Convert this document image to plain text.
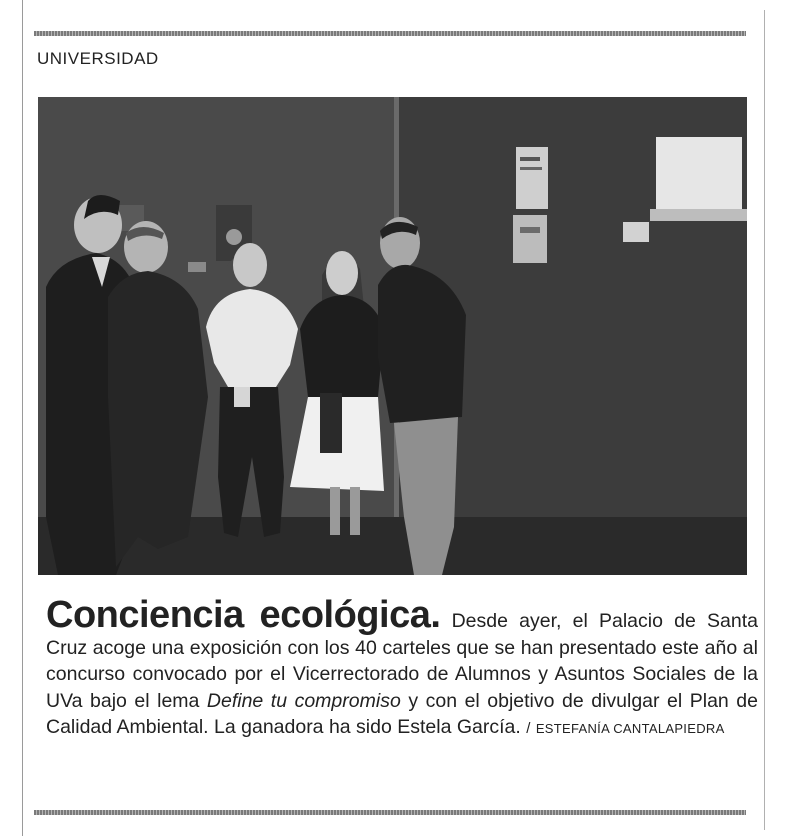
UNIVERSIDAD
Conciencia ecológica. Desde ayer, el Palacio de Santa Cruz acoge una exposición con los 40 carteles que se han presentado este año al concurso convocado por el Vicerrectorado de Alumnos y Asuntos Sociales de la UVa bajo el lema Define tu compromiso y con el objetivo de divulgar el Plan de Calidad Ambiental. La ganadora ha sido Estela García. / ESTEFANÍA CANTALAPIEDRA
